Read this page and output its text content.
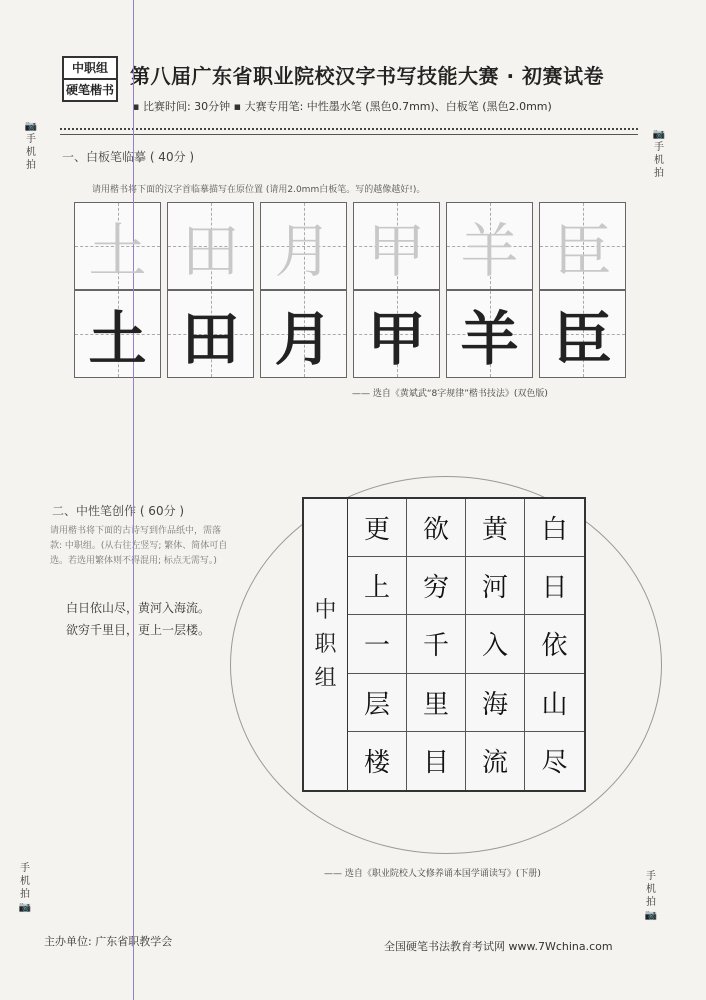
中职组
硬笔楷书
第八届广东省职业院校汉字书写技能大赛 · 初赛试卷
▪ 比赛时间: 30分钟 ▪ 大赛专用笔: 中性墨水笔 (黑色0.7mm)、白板笔 (黑色2.0mm)
📷
手机拍
📷
手机拍
手机拍
📷
手机拍
📷
一、白板笔临摹 ( 40分 )
请用楷书将下面的汉字首临摹描写在原位置 (请用2.0mm白板笔。写的越像越好!)。
土 田 月 甲 羊 臣
土 田 月 甲 羊 臣
—— 选自《黄斌武“8字规律”楷书技法》(双色版)
二、中性笔创作 ( 60分 )
请用楷书将下面的古诗写到作品纸中，需落款: 中职组。(从右往左竖写; 繁体、简体可自选。若选用繁体则不得混用; 标点无需写。)
白日依山尽，黄河入海流。
欲穷千里目，更上一层楼。
中
职
组
更	欲	黄	白
上	穷	河	日
一	千	入	依
层	里	海	山
楼	目	流	尽
—— 选自《职业院校人文修养诵本国学诵读写》(下册)
主办单位: 广东省职教学会	全国硬笔书法教育考试网 www.7Wchina.com
